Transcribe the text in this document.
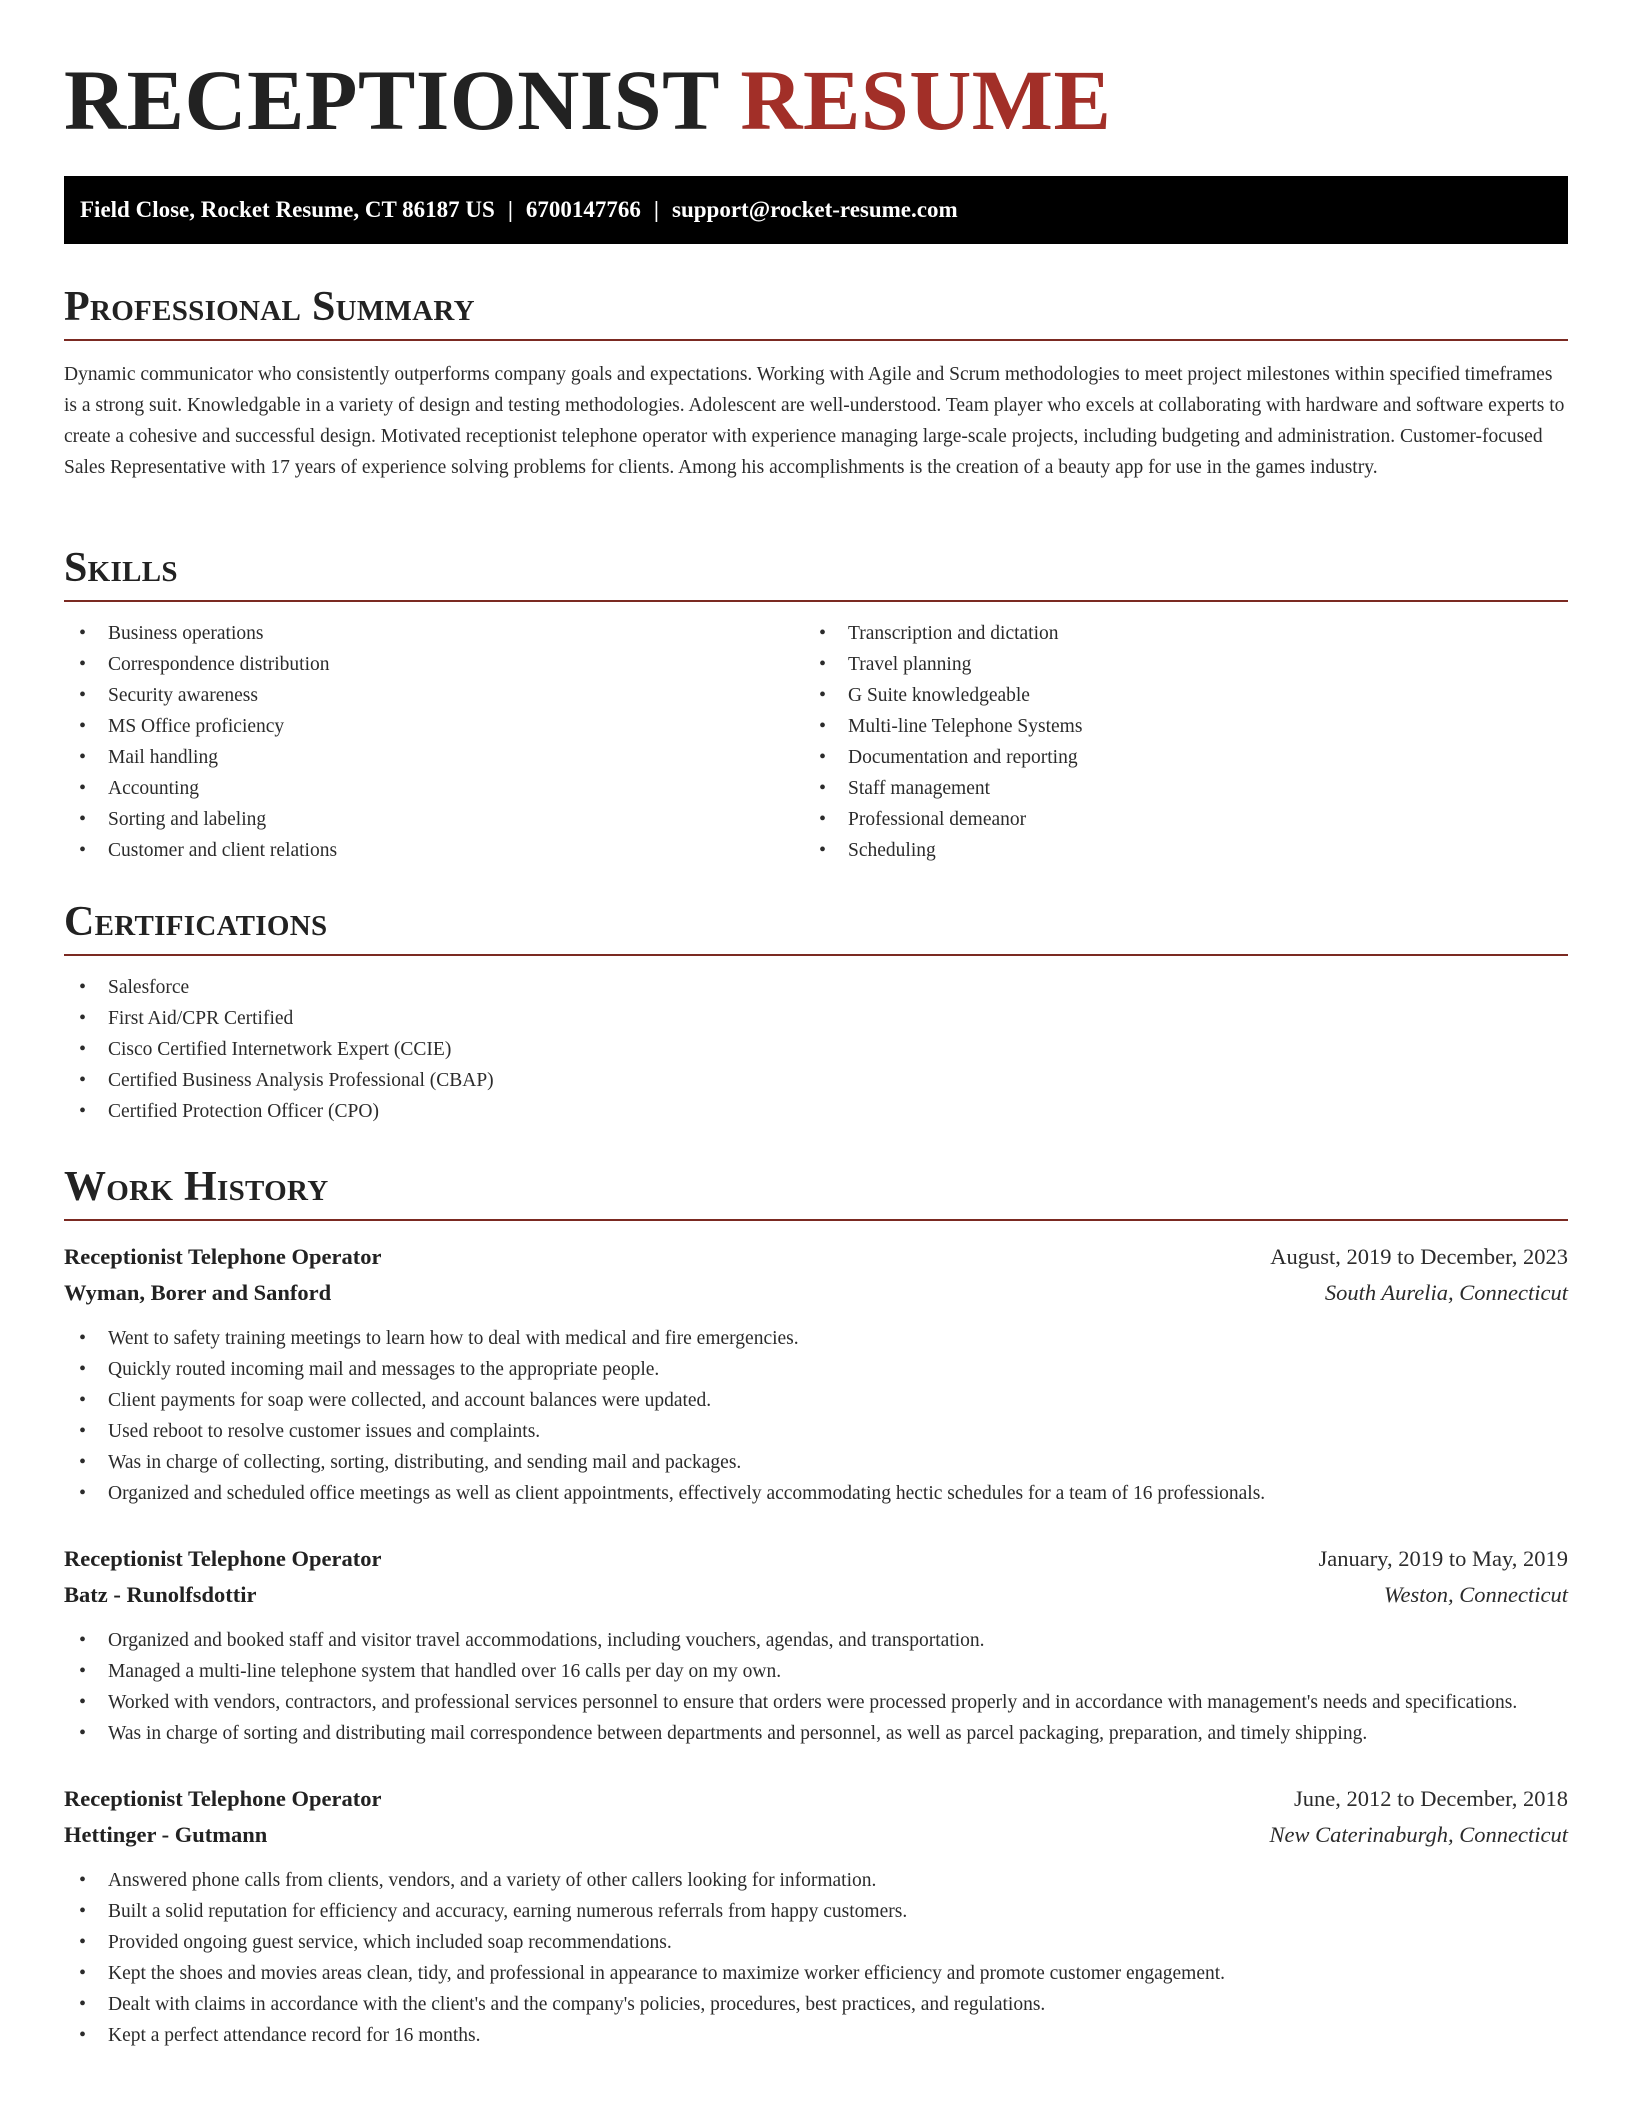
RECEPTIONIST RESUME
Field Close, Rocket Resume, CT 86187 US | 6700147766 | support@rocket-resume.com
Professional Summary

Dynamic communicator who consistently outperforms company goals and expectations. Working with Agile and Scrum methodologies to meet project milestones within specified timeframes is a strong suit. Knowledgable in a variety of design and testing methodologies. Adolescent are well-understood. Team player who excels at collaborating with hardware and software experts to create a cohesive and successful design. Motivated receptionist telephone operator with experience managing large-scale projects, including budgeting and administration. Customer-focused Sales Representative with 17 years of experience solving problems for clients. Among his accomplishments is the creation of a beauty app for use in the games industry.

Skills
• Business operations
• Correspondence distribution
• Security awareness
• MS Office proficiency
• Mail handling
• Accounting
• Sorting and labeling
• Customer and client relations
• Transcription and dictation
• Travel planning
• G Suite knowledgeable
• Multi-line Telephone Systems
• Documentation and reporting
• Staff management
• Professional demeanor
• Scheduling
Certifications
• Salesforce
• First Aid/CPR Certified
• Cisco Certified Internetwork Expert (CCIE)
• Certified Business Analysis Professional (CBAP)
• Certified Protection Officer (CPO)
Work History
Receptionist Telephone Operator	August, 2019 to December, 2023
Wyman, Borer and Sanford	South Aurelia, Connecticut
• Went to safety training meetings to learn how to deal with medical and fire emergencies.
• Quickly routed incoming mail and messages to the appropriate people.
• Client payments for soap were collected, and account balances were updated.
• Used reboot to resolve customer issues and complaints.
• Was in charge of collecting, sorting, distributing, and sending mail and packages.
• Organized and scheduled office meetings as well as client appointments, effectively accommodating hectic schedules for a team of 16 professionals.
Receptionist Telephone Operator	January, 2019 to May, 2019
Batz - Runolfsdottir	Weston, Connecticut
• Organized and booked staff and visitor travel accommodations, including vouchers, agendas, and transportation.
• Managed a multi-line telephone system that handled over 16 calls per day on my own.
• Worked with vendors, contractors, and professional services personnel to ensure that orders were processed properly and in accordance with management's needs and specifications.
• Was in charge of sorting and distributing mail correspondence between departments and personnel, as well as parcel packaging, preparation, and timely shipping.
Receptionist Telephone Operator	June, 2012 to December, 2018
Hettinger - Gutmann	New Caterinaburgh, Connecticut
• Answered phone calls from clients, vendors, and a variety of other callers looking for information.
• Built a solid reputation for efficiency and accuracy, earning numerous referrals from happy customers.
• Provided ongoing guest service, which included soap recommendations.
• Kept the shoes and movies areas clean, tidy, and professional in appearance to maximize worker efficiency and promote customer engagement.
• Dealt with claims in accordance with the client's and the company's policies, procedures, best practices, and regulations.
• Kept a perfect attendance record for 16 months.
